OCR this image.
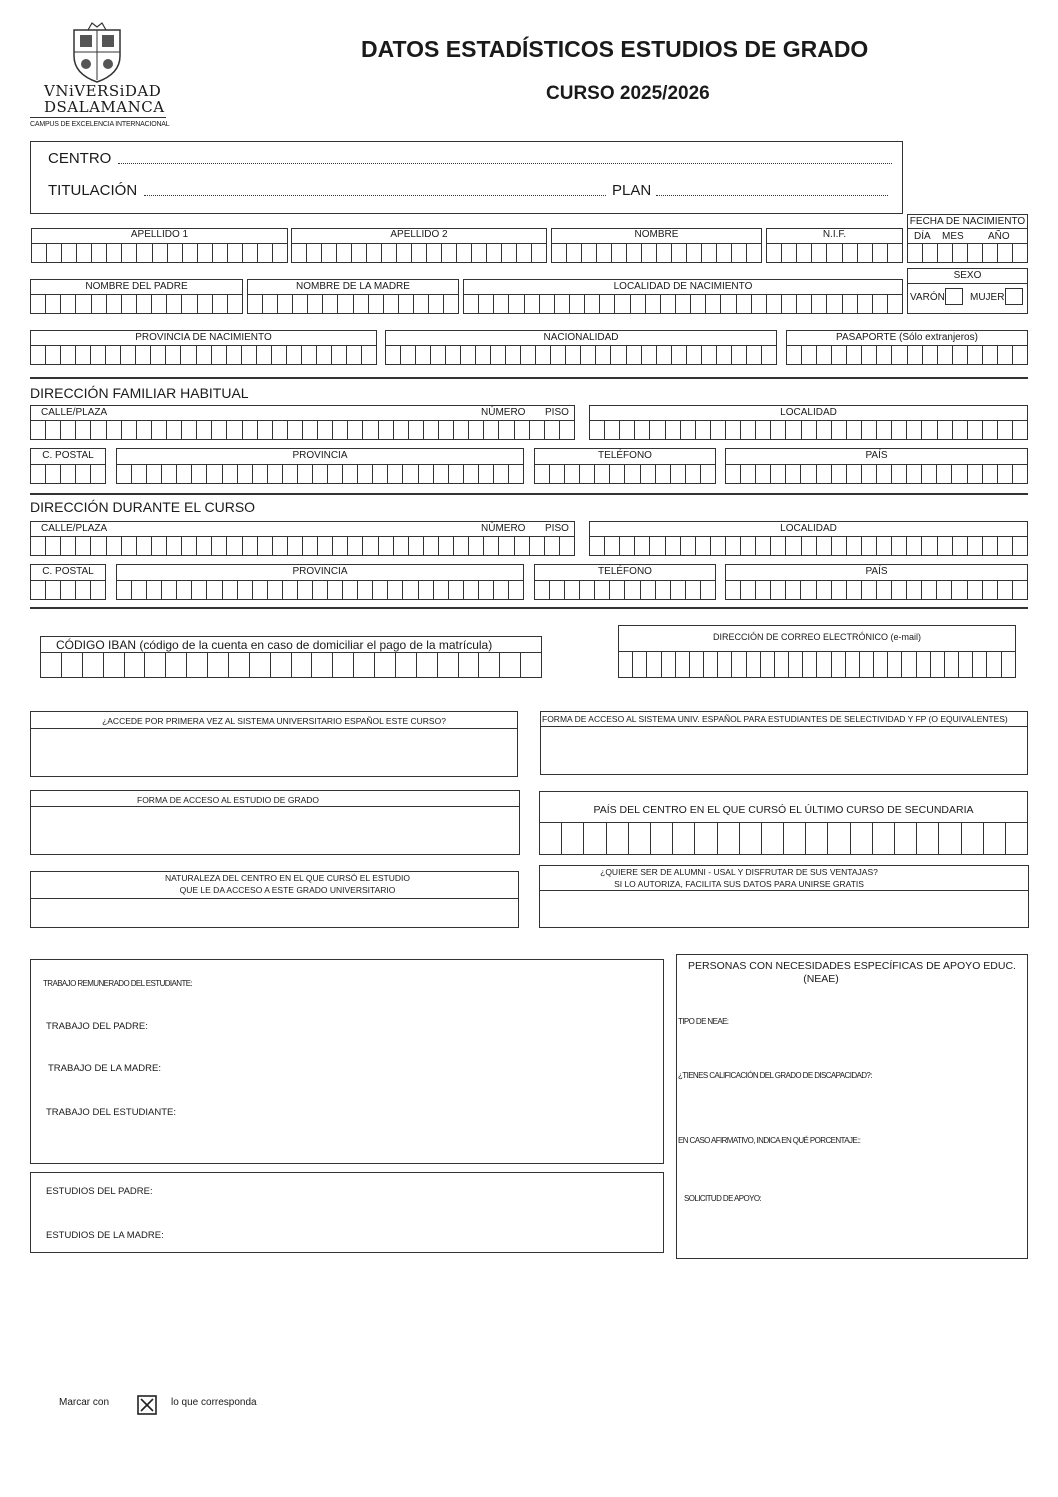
VNiVERSiDAD
DSALAMANCA
CAMPUS DE EXCELENCIA INTERNACIONAL
DATOS ESTADÍSTICOS ESTUDIOS DE GRADO
CURSO 2025/2026
CENTRO
TITULACIÓN	PLAN
APELLIDO 1	APELLIDO 2	NOMBRE	N.I.F.
FECHA DE NACIMIENTO
DÍA MES AÑO
NOMBRE DEL PADRE	NOMBRE DE LA MADRE	LOCALIDAD DE NACIMIENTO
SEXO
VARÓN	MUJER
PROVINCIA DE NACIMIENTO	NACIONALIDAD	PASAPORTE (Sólo extranjeros)
DIRECCIÓN FAMILIAR HABITUAL
CALLE/PLAZA	NÚMERO PISO	LOCALIDAD
C. POSTAL	PROVINCIA	TELÉFONO	PAÍS
DIRECCIÓN DURANTE EL CURSO
CALLE/PLAZA	NÚMERO PISO	LOCALIDAD
C. POSTAL	PROVINCIA	TELÉFONO	PAÍS
CÓDIGO IBAN (código de la cuenta en caso de domiciliar el pago de la matrícula)
DIRECCIÓN DE CORREO ELECTRÓNICO (e-mail)
¿ACCEDE POR PRIMERA VEZ AL SISTEMA UNIVERSITARIO ESPAÑOL ESTE CURSO?	FORMA DE ACCESO AL SISTEMA UNIV. ESPAÑOL PARA ESTUDIANTES DE SELECTIVIDAD Y FP (O EQUIVALENTES)
FORMA DE ACCESO AL ESTUDIO DE GRADO
PAÍS DEL CENTRO EN EL QUE CURSÓ EL ÚLTIMO CURSO DE SECUNDARIA
NATURALEZA DEL CENTRO EN EL QUE CURSÓ EL ESTUDIO
QUE LE DA ACCESO A ESTE GRADO UNIVERSITARIO
¿QUIERE SER DE ALUMNI - USAL Y DISFRUTAR DE SUS VENTAJAS?
SI LO AUTORIZA, FACILITA SUS DATOS PARA UNIRSE GRATIS
TRABAJO REMUNERADO DEL ESTUDIANTE:
TRABAJO DEL PADRE:
TRABAJO DE LA MADRE:
TRABAJO DEL ESTUDIANTE:
ESTUDIOS DEL PADRE:
ESTUDIOS DE LA MADRE:
PERSONAS CON NECESIDADES ESPECÍFICAS DE APOYO EDUC.
(NEAE)
TIPO DE NEAE:
¿TIENES CALIFICACIÓN DEL GRADO DE DISCAPACIDAD?:
EN CASO AFIRMATIVO, INDICA EN QUÉ PORCENTAJE::
SOLICITUD DE APOYO:
Marcar con	lo que corresponda
